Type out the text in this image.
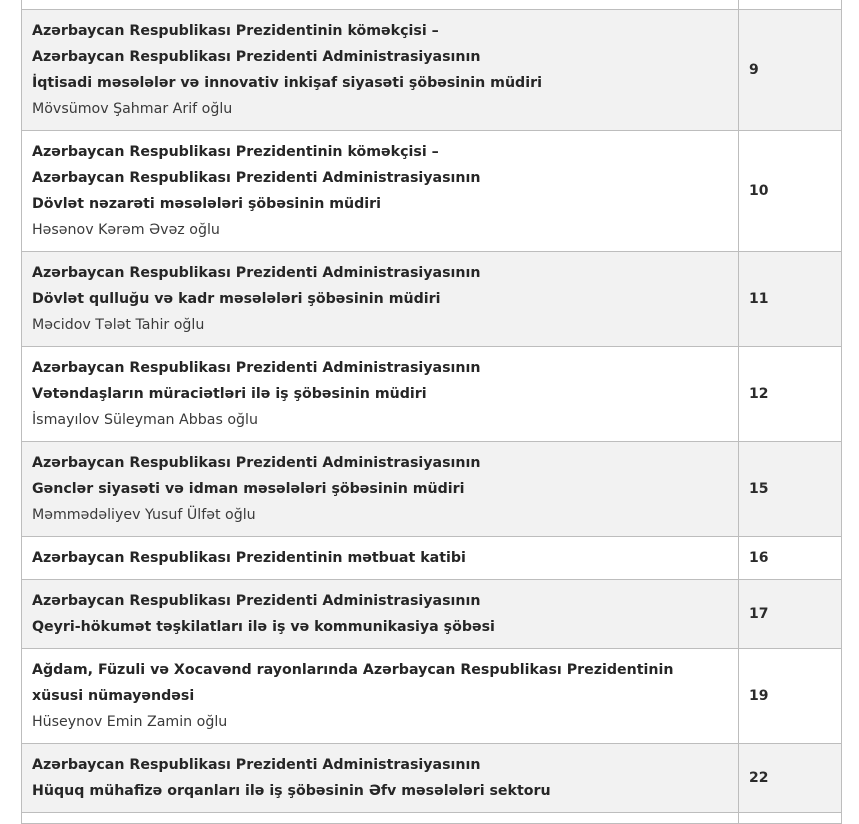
Azərbaycan Respublikası Prezidentinin köməkçisi –
Azərbaycan Respublikası Prezidenti Administrasiyasının
İqtisadi məsələlər və innovativ inkişaf siyasəti şöbəsinin müdiri
Mövsümov Şahmar Arif oğlu	9

Azərbaycan Respublikası Prezidentinin köməkçisi –
Azərbaycan Respublikası Prezidenti Administrasiyasının
Dövlət nəzarəti məsələləri şöbəsinin müdiri
Həsənov Kərəm Əvəz oğlu	10

Azərbaycan Respublikası Prezidenti Administrasiyasının
Dövlət qulluğu və kadr məsələləri şöbəsinin müdiri
Məcidov Tələt Tahir oğlu	11

Azərbaycan Respublikası Prezidenti Administrasiyasının
Vətəndaşların müraciətləri ilə iş şöbəsinin müdiri
İsmayılov Süleyman Abbas oğlu	12

Azərbaycan Respublikası Prezidenti Administrasiyasının
Gənclər siyasəti və idman məsələləri şöbəsinin müdiri
Məmmədəliyev Yusuf Ülfət oğlu	15

Azərbaycan Respublikası Prezidentinin mətbuat katibi	16

Azərbaycan Respublikası Prezidenti Administrasiyasının
Qeyri-hökumət təşkilatları ilə iş və kommunikasiya şöbəsi	17

Ağdam, Füzuli və Xocavənd rayonlarında Azərbaycan Respublikası Prezidentinin
xüsusi nümayəndəsi
Hüseynov Emin Zamin oğlu	19

Azərbaycan Respublikası Prezidenti Administrasiyasının
Hüquq mühafizə orqanları ilə iş şöbəsinin Əfv məsələləri sektoru	22
